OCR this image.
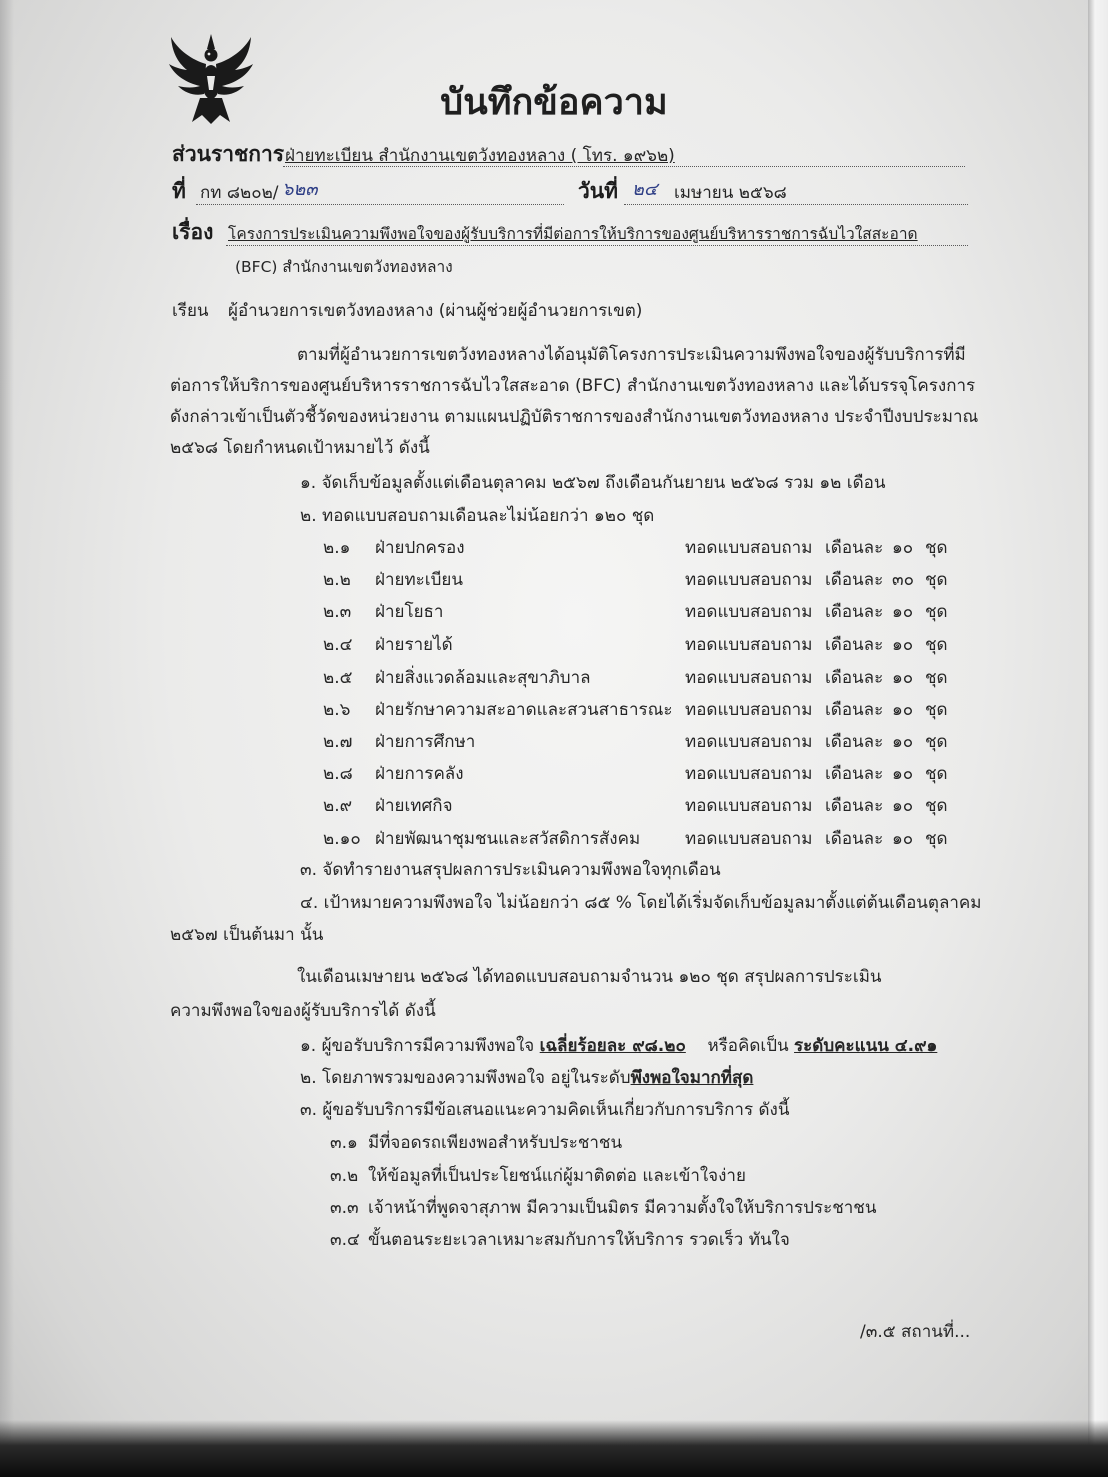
บันทึกข้อความ
ส่วนราชการ ฝ่ายทะเบียน สำนักงานเขตวังทองหลาง ( โทร. ๑๙๖๒)
ที่ กท ๘๒๐๒/ ๖๒๓	วันที่ ๒๔ เมษายน ๒๕๖๘
เรื่อง โครงการประเมินความพึงพอใจของผู้รับบริการที่มีต่อการให้บริการของศูนย์บริหารราชการฉับไวใสสะอาด
(BFC) สำนักงานเขตวังทองหลาง
เรียน ผู้อำนวยการเขตวังทองหลาง (ผ่านผู้ช่วยผู้อำนวยการเขต)
ตามที่ผู้อำนวยการเขตวังทองหลางได้อนุมัติโครงการประเมินความพึงพอใจของผู้รับบริการที่มี
ต่อการให้บริการของศูนย์บริหารราชการฉับไวใสสะอาด (BFC) สำนักงานเขตวังทองหลาง และได้บรรจุโครงการ
ดังกล่าวเข้าเป็นตัวชี้วัดของหน่วยงาน ตามแผนปฏิบัติราชการของสำนักงานเขตวังทองหลาง ประจำปีงบประมาณ
๒๕๖๘ โดยกำหนดเป้าหมายไว้ ดังนี้
๑. จัดเก็บข้อมูลตั้งแต่เดือนตุลาคม ๒๕๖๗ ถึงเดือนกันยายน ๒๕๖๘ รวม ๑๒ เดือน
๒. ทอดแบบสอบถามเดือนละไม่น้อยกว่า ๑๒๐ ชุด
๒.๑ ฝ่ายปกครอง	ทอดแบบสอบถาม เดือนละ ๑๐ ชุด
๒.๒ ฝ่ายทะเบียน	ทอดแบบสอบถาม เดือนละ ๓๐ ชุด
๒.๓ ฝ่ายโยธา	ทอดแบบสอบถาม เดือนละ ๑๐ ชุด
๒.๔ ฝ่ายรายได้	ทอดแบบสอบถาม เดือนละ ๑๐ ชุด
๒.๕ ฝ่ายสิ่งแวดล้อมและสุขาภิบาล	ทอดแบบสอบถาม เดือนละ ๑๐ ชุด
๒.๖ ฝ่ายรักษาความสะอาดและสวนสาธารณะ ทอดแบบสอบถาม เดือนละ ๑๐ ชุด
๒.๗ ฝ่ายการศึกษา	ทอดแบบสอบถาม เดือนละ ๑๐ ชุด
๒.๘ ฝ่ายการคลัง	ทอดแบบสอบถาม เดือนละ ๑๐ ชุด
๒.๙ ฝ่ายเทศกิจ	ทอดแบบสอบถาม เดือนละ ๑๐ ชุด
๒.๑๐ ฝ่ายพัฒนาชุมชนและสวัสดิการสังคม	ทอดแบบสอบถาม เดือนละ ๑๐ ชุด
๓. จัดทำรายงานสรุปผลการประเมินความพึงพอใจทุกเดือน
๔. เป้าหมายความพึงพอใจ ไม่น้อยกว่า ๘๕ % โดยได้เริ่มจัดเก็บข้อมูลมาตั้งแต่ต้นเดือนตุลาคม
๒๕๖๗ เป็นต้นมา นั้น
ในเดือนเมษายน ๒๕๖๘ ได้ทอดแบบสอบถามจำนวน ๑๒๐ ชุด สรุปผลการประเมิน
ความพึงพอใจของผู้รับบริการได้ ดังนี้
๑. ผู้ขอรับบริการมีความพึงพอใจ เฉลี่ยร้อยละ ๙๘.๒๐ หรือคิดเป็น ระดับคะแนน ๔.๙๑
๒. โดยภาพรวมของความพึงพอใจ อยู่ในระดับพึงพอใจมากที่สุด
๓. ผู้ขอรับบริการมีข้อเสนอแนะความคิดเห็นเกี่ยวกับการบริการ ดังนี้
๓.๑ มีที่จอดรถเพียงพอสำหรับประชาชน
๓.๒ ให้ข้อมูลที่เป็นประโยชน์แก่ผู้มาติดต่อ และเข้าใจง่าย
๓.๓ เจ้าหน้าที่พูดจาสุภาพ มีความเป็นมิตร มีความตั้งใจให้บริการประชาชน
๓.๔ ขั้นตอนระยะเวลาเหมาะสมกับการให้บริการ รวดเร็ว ทันใจ
/๓.๕ สถานที่...
